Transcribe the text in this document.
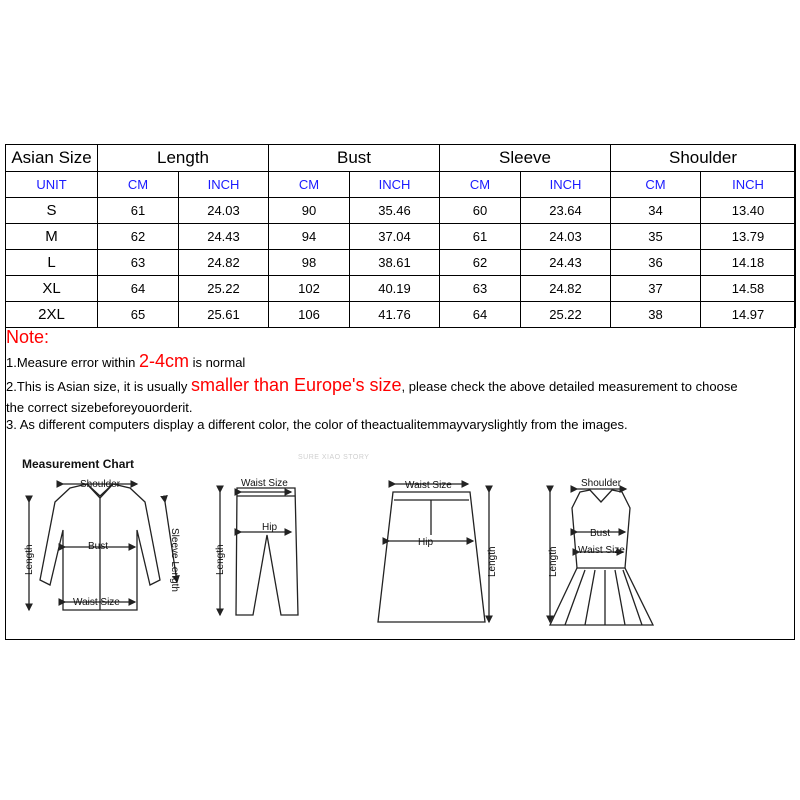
Asian Size	Length		Bust		Sleeve		Shoulder	
UNIT	CM	INCH	CM	INCH	CM	INCH	CM	INCH
S	61	24.03	90	35.46	60	23.64	34	13.40
M	62	24.43	94	37.04	61	24.03	35	13.79
L	63	24.82	98	38.61	62	24.43	36	14.18
XL	64	25.22	102	40.19	63	24.82	37	14.58
2XL	65	25.61	106	41.76	64	25.22	38	14.97
Note:
1.Measure error within 2-4cm is normal
2.This is Asian size, it is usually smaller than Europe's size, please check the above detailed measurement to choose
the correct sizebeforeyouorderit.
3. As different computers display a different color, the color of theactualitemmayvaryslightly from the images.
Measurement Chart	SURE XIAO STORY
Shoulder
Bust
Waist Size
Length	Sleeve Length
Waist Size
Hip
Length
Waist Size
Hip
Length
Shoulder
Bust
Waist Size
Length
